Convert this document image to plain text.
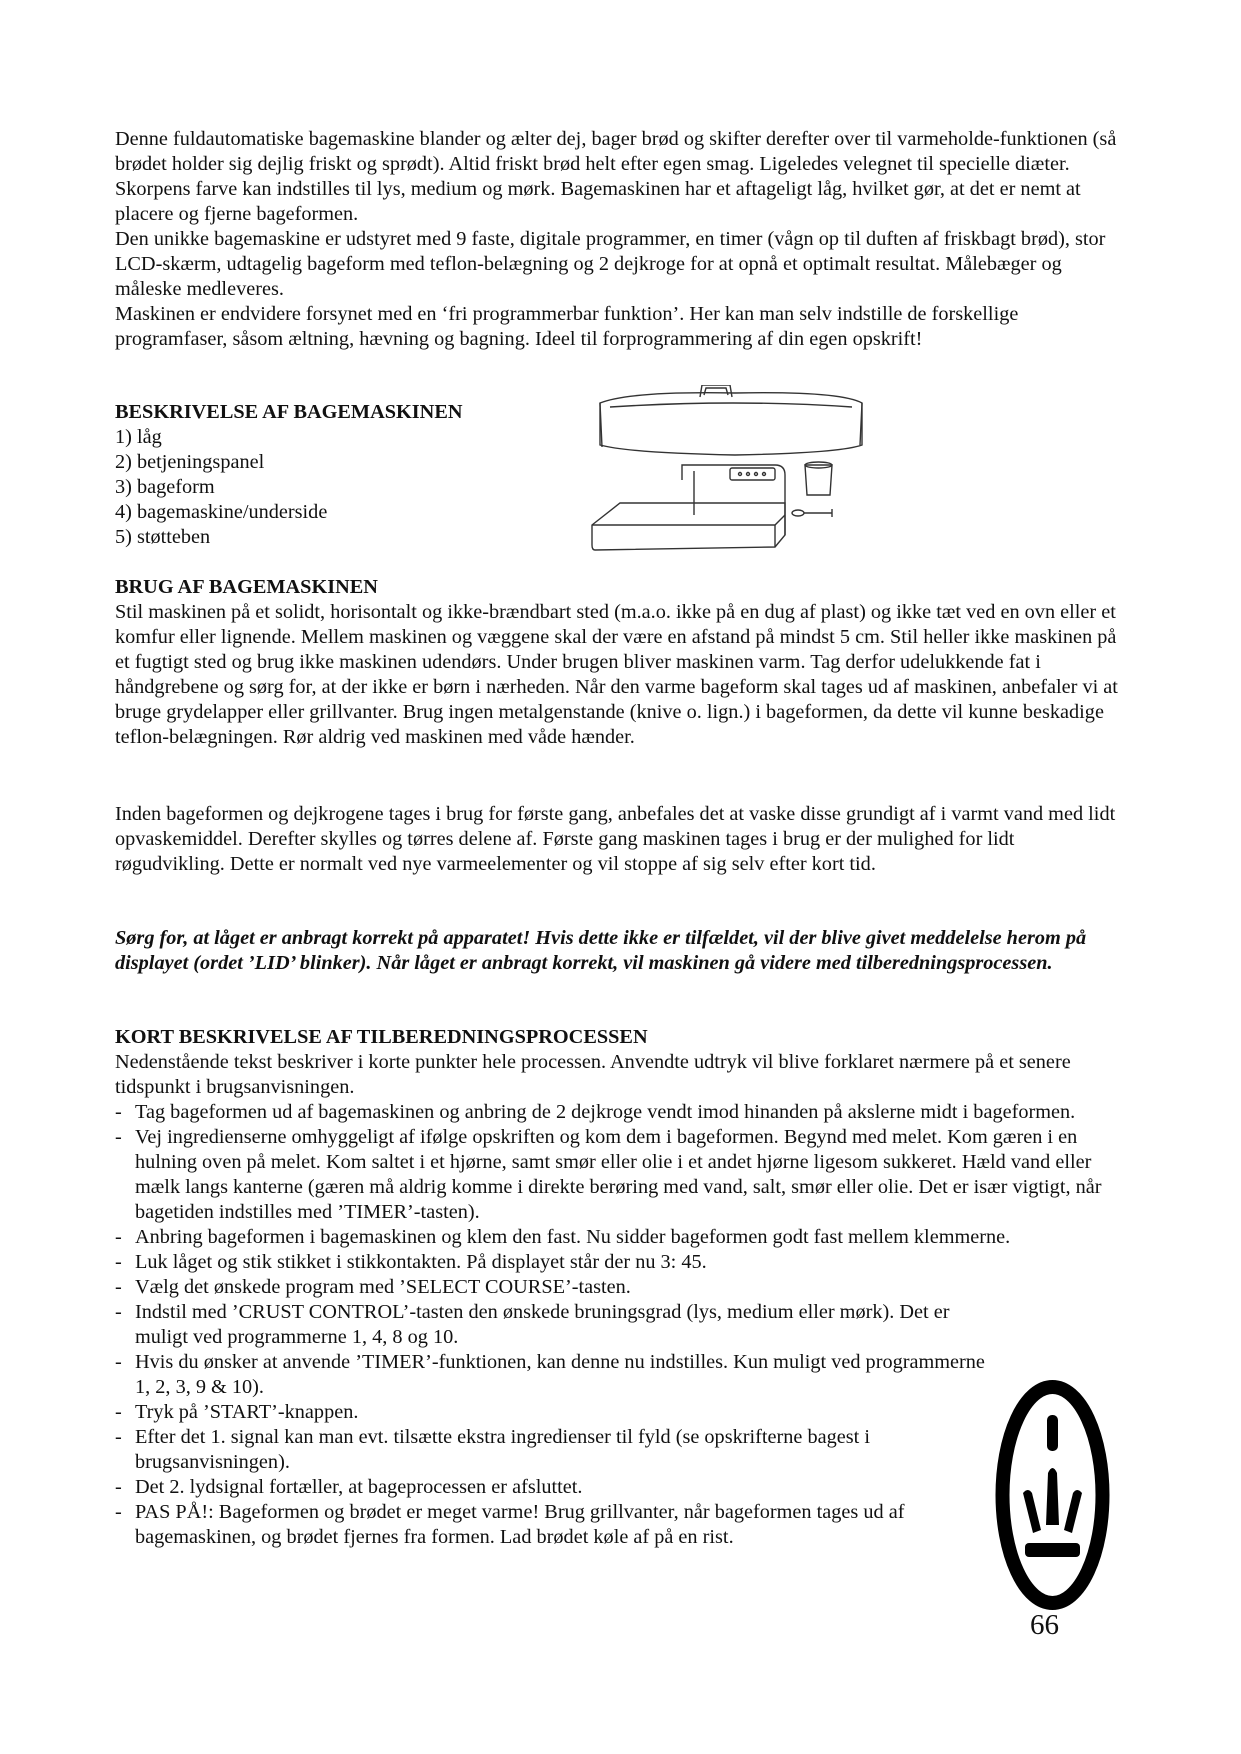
Denne fuldautomatiske bagemaskine blander og ælter dej, bager brød og skifter derefter over til varmeholde-funktionen (så brødet holder sig dejlig friskt og sprødt). Altid friskt brød helt efter egen smag. Ligeledes velegnet til specielle diæter. Skorpens farve kan indstilles til lys, medium og mørk. Bagemaskinen har et aftageligt låg, hvilket gør, at det er nemt at placere og fjerne bageformen.

Den unikke bagemaskine er udstyret med 9 faste, digitale programmer, en timer (vågn op til duften af friskbagt brød), stor LCD-skærm, udtagelig bageform med teflon-belægning og 2 dejkroge for at opnå et optimalt resultat. Målebæger og måleske medleveres.

Maskinen er endvidere forsynet med en ‘fri programmerbar funktion’. Her kan man selv indstille de forskellige programfaser, såsom æltning, hævning og bagning. Ideel til forprogrammering af din egen opskrift!

BESKRIVELSE AF BAGEMASKINEN
1) låg
2) betjeningspanel
3) bageform
4) bagemaskine/underside
5) støtteben
BRUG AF BAGEMASKINEN

Stil maskinen på et solidt, horisontalt og ikke-brændbart sted (m.a.o. ikke på en dug af plast) og ikke tæt ved en ovn eller et komfur eller lignende. Mellem maskinen og væggene skal der være en afstand på mindst 5 cm. Stil heller ikke maskinen på et fugtigt sted og brug ikke maskinen udendørs. Under brugen bliver maskinen varm. Tag derfor udelukkende fat i håndgrebene og sørg for, at der ikke er børn i nærheden. Når den varme bageform skal tages ud af maskinen, anbefaler vi at bruge grydelapper eller grillvanter. Brug ingen metalgenstande (knive o. lign.) i bageformen, da dette vil kunne beskadige teflon-belægningen. Rør aldrig ved maskinen med våde hænder.

Inden bageformen og dejkrogene tages i brug for første gang, anbefales det at vaske disse grundigt af i varmt vand med lidt opvaskemiddel. Derefter skylles og tørres delene af. Første gang maskinen tages i brug er der mulighed for lidt røgudvikling. Dette er normalt ved nye varmeelementer og vil stoppe af sig selv efter kort tid.

Sørg for, at låget er anbragt korrekt på apparatet! Hvis dette ikke er tilfældet, vil der blive givet meddelelse herom på displayet (ordet ’LID’ blinker). Når låget er anbragt korrekt, vil maskinen gå videre med tilberedningsprocessen.

KORT BESKRIVELSE AF TILBEREDNINGSPROCESSEN

Nedenstående tekst beskriver i korte punkter hele processen. Anvendte udtryk vil blive forklaret nærmere på et senere tidspunkt i brugsanvisningen.

- Tag bageformen ud af bagemaskinen og anbring de 2 dejkroge vendt imod hinanden på akslerne midt i bageformen.
- Vej ingredienserne omhyggeligt af ifølge opskriften og kom dem i bageformen. Begynd med melet. Kom gæren i en hulning oven på melet. Kom saltet i et hjørne, samt smør eller olie i et andet hjørne ligesom sukkeret. Hæld vand eller mælk langs kanterne (gæren må aldrig komme i direkte berøring med vand, salt, smør eller olie. Det er især vigtigt, når bagetiden indstilles med ’TIMER’-tasten).
- Anbring bageformen i bagemaskinen og klem den fast. Nu sidder bageformen godt fast mellem klemmerne.
- Luk låget og stik stikket i stikkontakten. På displayet står der nu 3: 45.
- Vælg det ønskede program med ’SELECT COURSE’-tasten.
- Indstil med ’CRUST CONTROL’-tasten den ønskede bruningsgrad (lys, medium eller mørk). Det er muligt ved programmerne 1, 4, 8 og 10.
- Hvis du ønsker at anvende ’TIMER’-funktionen, kan denne nu indstilles. Kun muligt ved programmerne 1, 2, 3, 9 & 10).
- Tryk på ’START’-knappen.
- Efter det 1. signal kan man evt. tilsætte ekstra ingredienser til fyld (se opskrifterne bagest i brugsanvisningen).
- Det 2. lydsignal fortæller, at bageprocessen er afsluttet.
- PAS PÅ!: Bageformen og brødet er meget varme! Brug grillvanter, når bageformen tages ud af bagemaskinen, og brødet fjernes fra formen. Lad brødet køle af på en rist.
66
